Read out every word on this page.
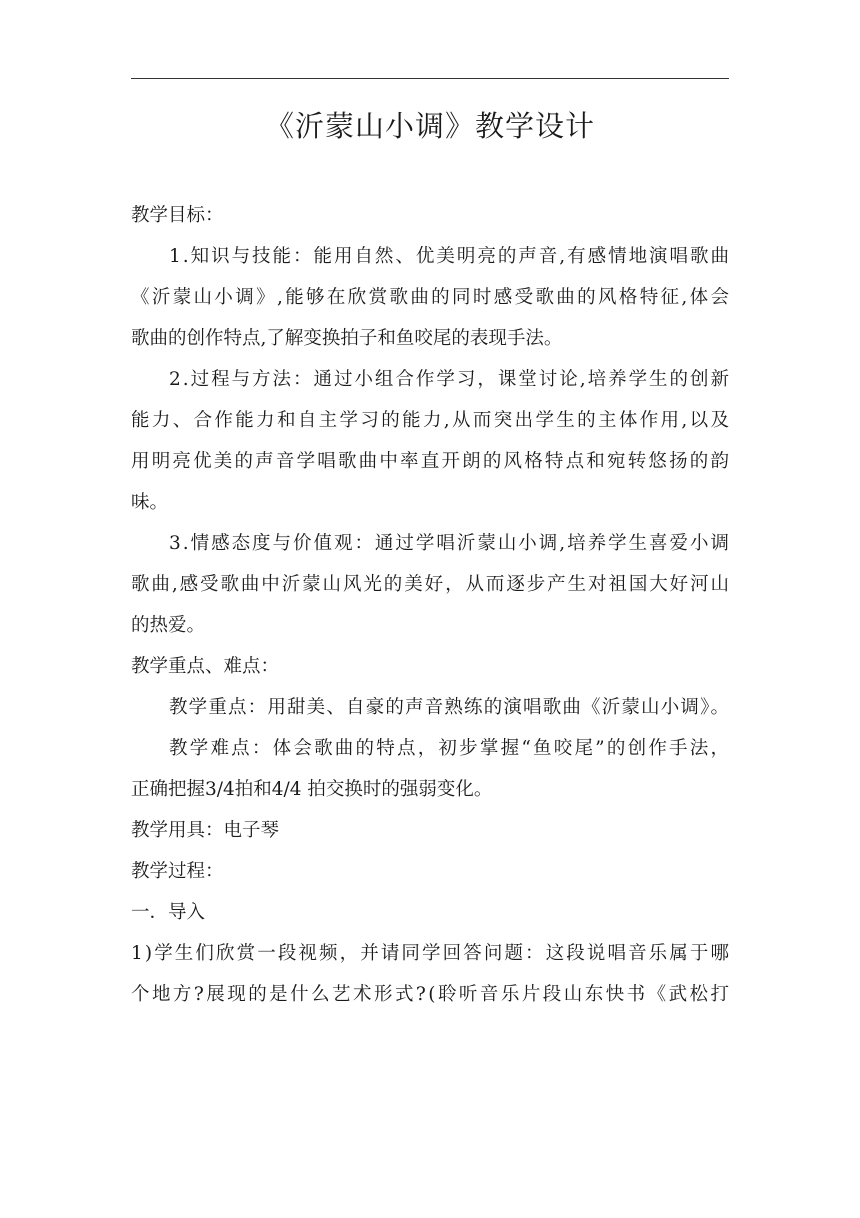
《沂蒙山小调》教学设计
教学目标：
1.知识与技能：能用自然、优美明亮的声音,有感情地演唱歌曲
《沂蒙山小调》,能够在欣赏歌曲的同时感受歌曲的风格特征,体会
歌曲的创作特点,了解变换拍子和鱼咬尾的表现手法。
2.过程与方法：通过小组合作学习，课堂讨论,培养学生的创新
能力、合作能力和自主学习的能力,从而突出学生的主体作用,以及
用明亮优美的声音学唱歌曲中率直开朗的风格特点和宛转悠扬的韵
味。
3.情感态度与价值观：通过学唱沂蒙山小调,培养学生喜爱小调
歌曲,感受歌曲中沂蒙山风光的美好，从而逐步产生对祖国大好河山
的热爱。
教学重点、难点：
教学重点：用甜美、自豪的声音熟练的演唱歌曲《沂蒙山小调》。
教学难点：体会歌曲的特点，初步掌握“鱼咬尾”的创作手法，
正确把握3/4拍和4/4 拍交换时的强弱变化。
教学用具：电子琴
教学过程：
一．导入
1)学生们欣赏一段视频，并请同学回答问题：这段说唱音乐属于哪
个地方?展现的是什么艺术形式?(聆听音乐片段山东快书《武松打
